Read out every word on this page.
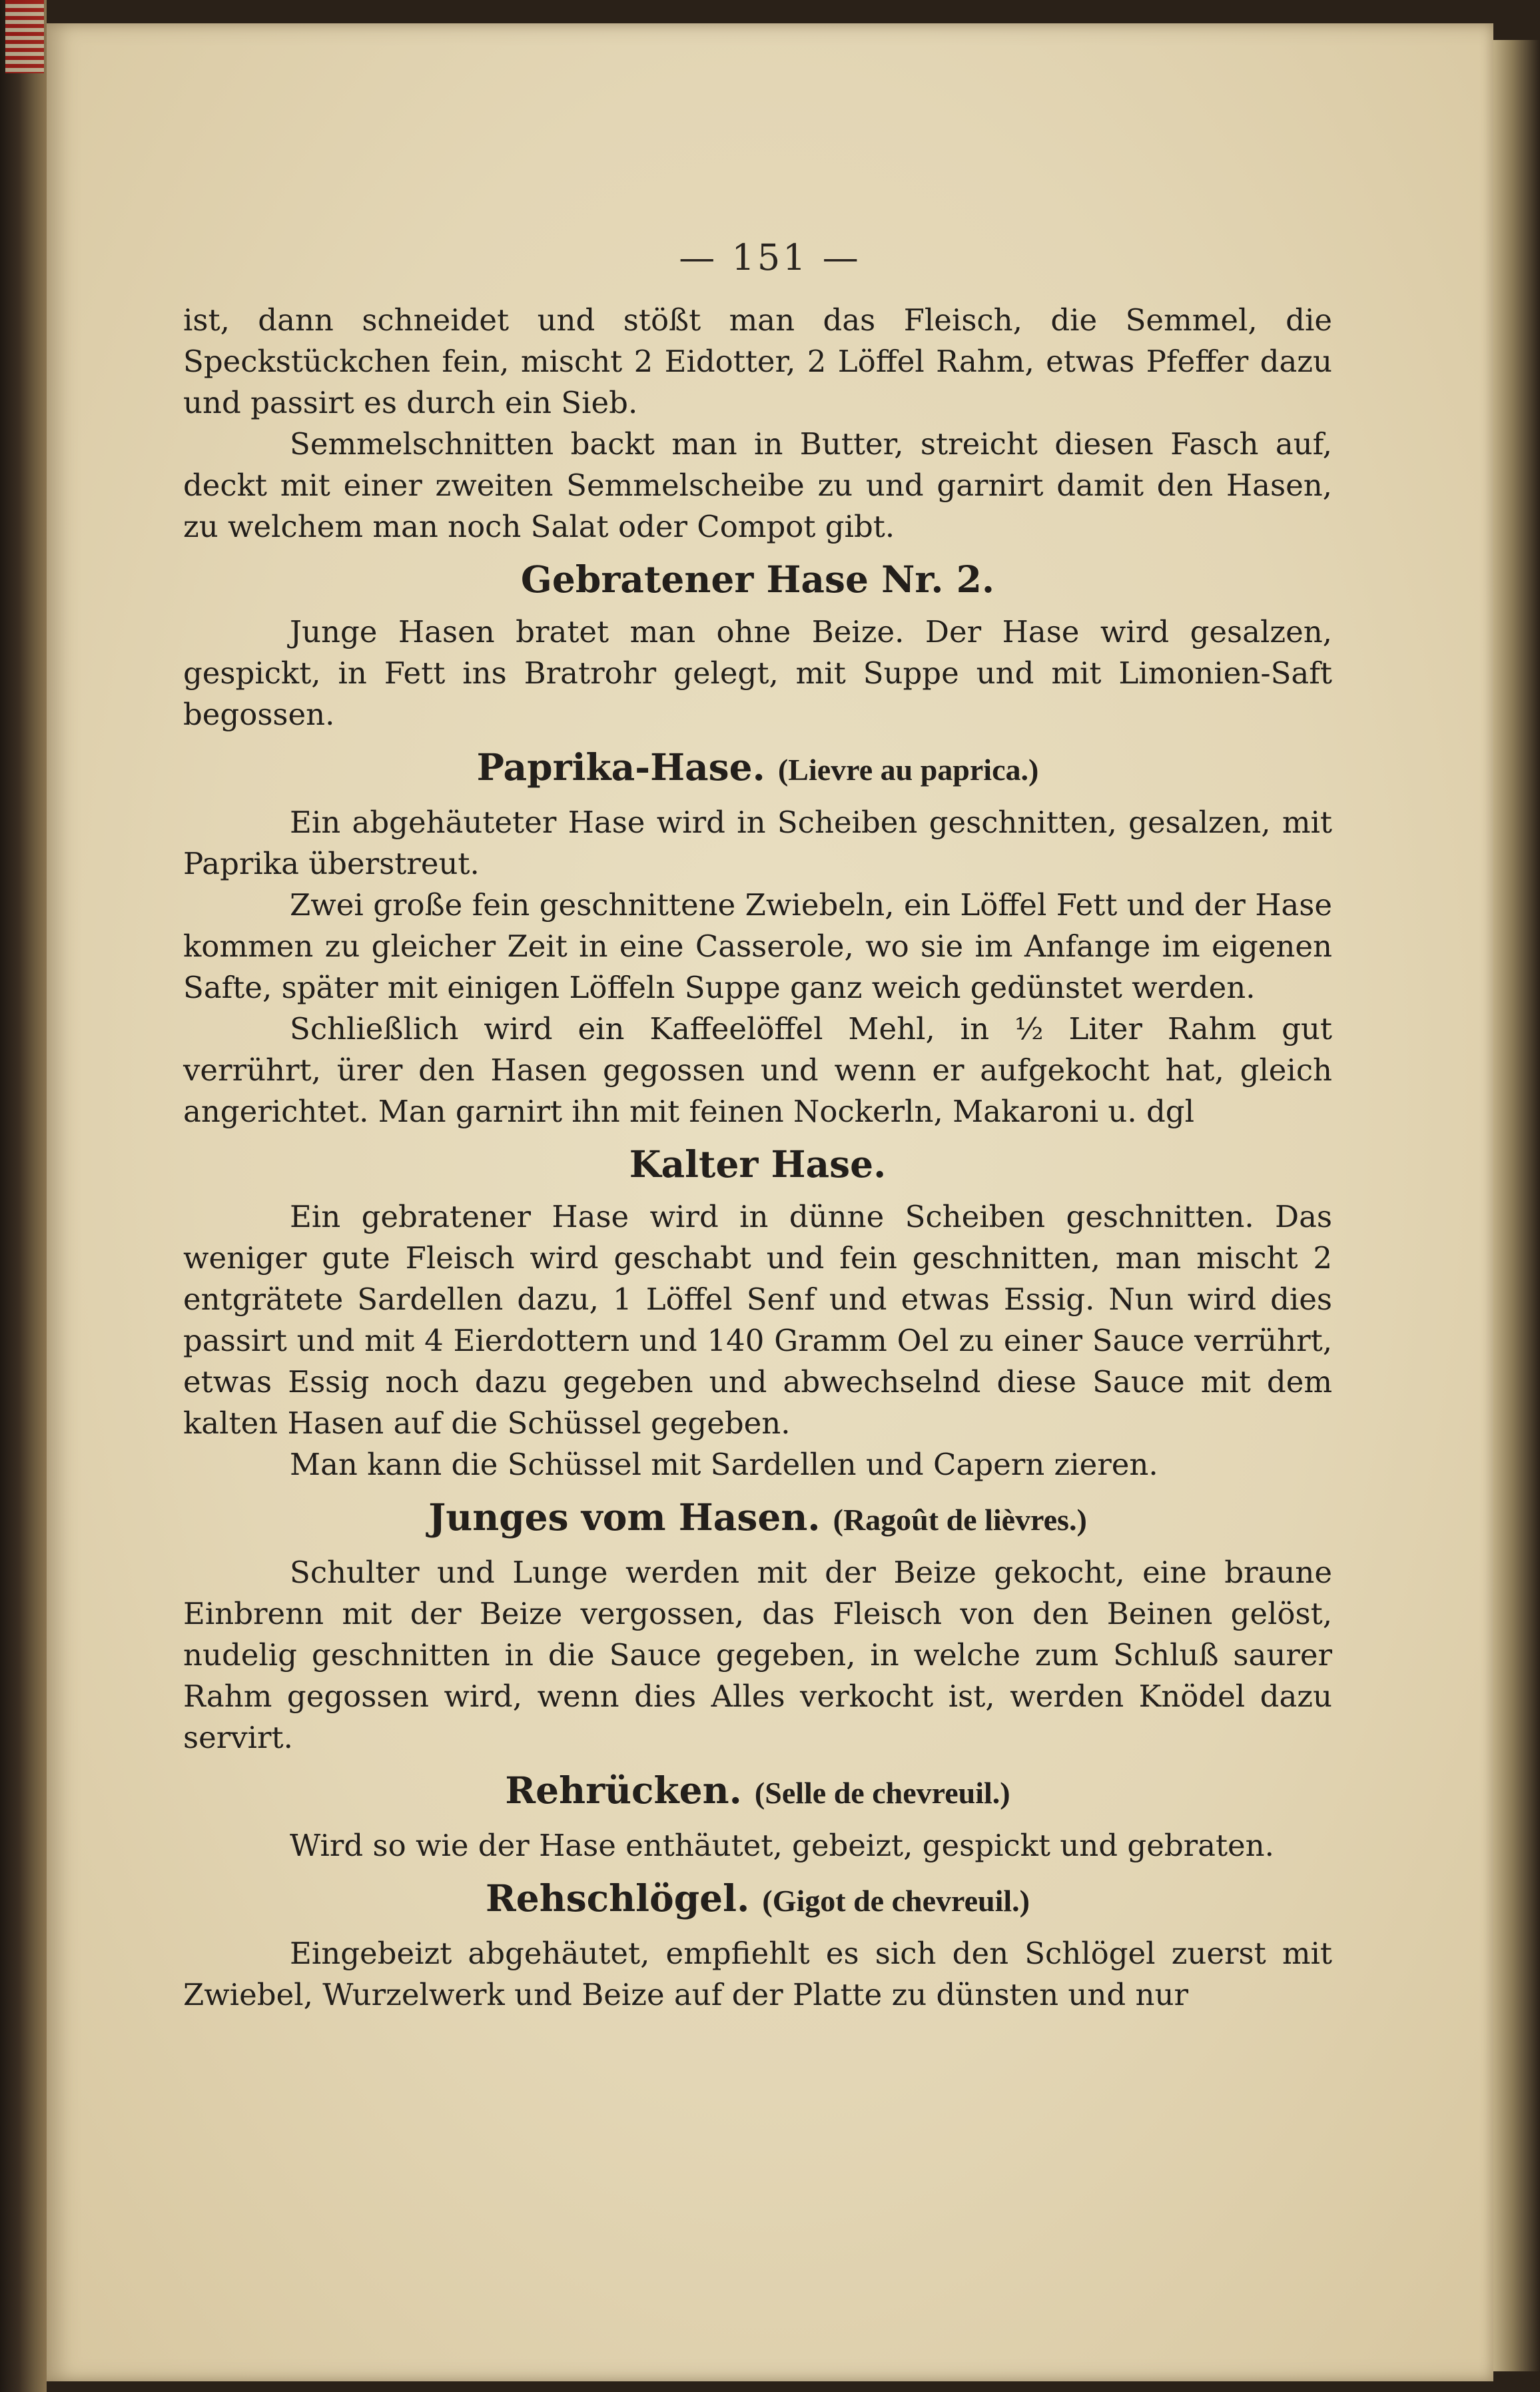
— 151 —

ist, dann schneidet und stößt man das Fleisch, die Semmel, die Speckstückchen fein, mischt 2 Eidotter, 2 Löffel Rahm, etwas Pfeffer dazu und passirt es durch ein Sieb.

Semmelschnitten backt man in Butter, streicht diesen Fasch auf, deckt mit einer zweiten Semmelscheibe zu und garnirt damit den Hasen, zu welchem man noch Salat oder Compot gibt.

Gebratener Hase Nr. 2.

Junge Hasen bratet man ohne Beize. Der Hase wird gesalzen, gespickt, in Fett ins Bratrohr gelegt, mit Suppe und mit Limonien-Saft begossen.

Paprika-Hase. (Lievre au paprica.)

Ein abgehäuteter Hase wird in Scheiben geschnitten, gesalzen, mit Paprika überstreut.

Zwei große fein geschnittene Zwiebeln, ein Löffel Fett und der Hase kommen zu gleicher Zeit in eine Casserole, wo sie im Anfange im eigenen Safte, später mit einigen Löffeln Suppe ganz weich gedünstet werden.

Schließlich wird ein Kaffeelöffel Mehl, in ½ Liter Rahm gut verrührt, ürer den Hasen gegossen und wenn er aufgekocht hat, gleich angerichtet. Man garnirt ihn mit feinen Nockerln, Makaroni u. dgl

Kalter Hase.

Ein gebratener Hase wird in dünne Scheiben geschnitten. Das weniger gute Fleisch wird geschabt und fein geschnitten, man mischt 2 entgrätete Sardellen dazu, 1 Löffel Senf und etwas Essig. Nun wird dies passirt und mit 4 Eierdottern und 140 Gramm Oel zu einer Sauce verrührt, etwas Essig noch dazu gegeben und abwechselnd diese Sauce mit dem kalten Hasen auf die Schüssel gegeben.

Man kann die Schüssel mit Sardellen und Capern zieren.

Junges vom Hasen. (Ragoût de lièvres.)

Schulter und Lunge werden mit der Beize gekocht, eine braune Einbrenn mit der Beize vergossen, das Fleisch von den Beinen gelöst, nudelig geschnitten in die Sauce gegeben, in welche zum Schluß saurer Rahm gegossen wird, wenn dies Alles verkocht ist, werden Knödel dazu servirt.

Rehrücken. (Selle de chevreuil.)

Wird so wie der Hase enthäutet, gebeizt, gespickt und gebraten.

Rehschlögel. (Gigot de chevreuil.)

Eingebeizt abgehäutet, empfiehlt es sich den Schlögel zuerst mit Zwiebel, Wurzelwerk und Beize auf der Platte zu dünsten und nur
